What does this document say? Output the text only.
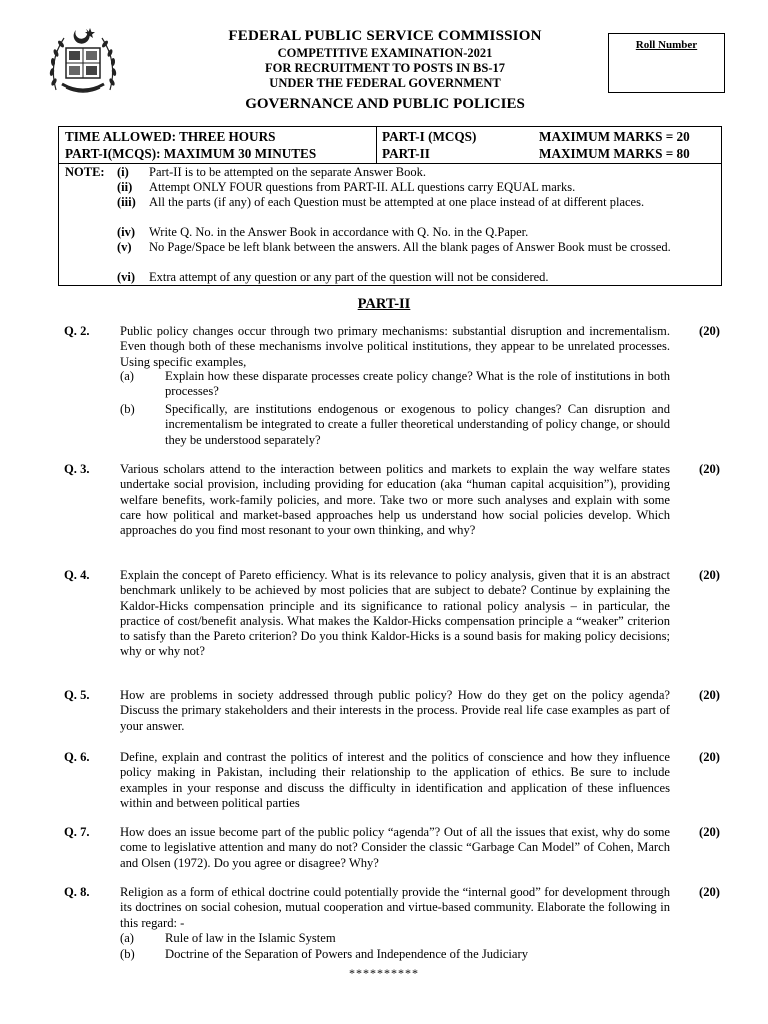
FEDERAL PUBLIC SERVICE COMMISSION
COMPETITIVE EXAMINATION-2021
FOR RECRUITMENT TO POSTS IN BS-17
UNDER THE FEDERAL GOVERNMENT
GOVERNANCE AND PUBLIC POLICIES
Roll Number
TIME ALLOWED: THREE HOURS
PART-I(MCQS): MAXIMUM 30 MINUTES
PART-I (MCQS)
PART-II
MAXIMUM MARKS = 20
MAXIMUM MARKS = 80
NOTE: (i) Part-II is to be attempted on the separate Answer Book.
(ii) Attempt ONLY FOUR questions from PART-II. ALL questions carry EQUAL marks.
(iii) All the parts (if any) of each Question must be attempted at one place instead of at different places.
(iv) Write Q. No. in the Answer Book in accordance with Q. No. in the Q.Paper.
(v) No Page/Space be left blank between the answers. All the blank pages of Answer Book must be crossed.
(vi) Extra attempt of any question or any part of the question will not be considered.
PART-II
Q. 2. Public policy changes occur through two primary mechanisms: substantial disruption and incrementalism. Even though both of these mechanisms involve political institutions, they appear to be unrelated processes. Using specific examples,
(20)
(a) Explain how these disparate processes create policy change? What is the role of institutions in both processes?
(b) Specifically, are institutions endogenous or exogenous to policy changes? Can disruption and incrementalism be integrated to create a fuller theoretical understanding of policy change, or should they be understood separately?
Q. 3. Various scholars attend to the interaction between politics and markets to explain the way welfare states undertake social provision, including providing for education (aka “human capital acquisition”), providing welfare benefits, work-family policies, and more. Take two or more such analyses and explain with some care how political and market-based approaches help us understand how social policies develop. Which approaches do you find most resonant to your own thinking, and why?
(20)
Q. 4. Explain the concept of Pareto efficiency. What is its relevance to policy analysis, given that it is an abstract benchmark unlikely to be achieved by most policies that are subject to debate? Continue by explaining the Kaldor-Hicks compensation principle and its significance to rational policy analysis – in particular, the practice of cost/benefit analysis. What makes the Kaldor-Hicks compensation principle a “weaker” criterion to satisfy than the Pareto criterion? Do you think Kaldor-Hicks is a sound basis for making policy decisions; why or why not?
(20)
Q. 5. How are problems in society addressed through public policy? How do they get on the policy agenda? Discuss the primary stakeholders and their interests in the process. Provide real life case examples as part of your answer.
(20)
Q. 6. Define, explain and contrast the politics of interest and the politics of conscience and how they influence policy making in Pakistan, including their relationship to the application of ethics. Be sure to include examples in your response and discuss the difficulty in identification and application of these influences within and between political parties
(20)
Q. 7. How does an issue become part of the public policy “agenda”? Out of all the issues that exist, why do some come to legislative attention and many do not? Consider the classic “Garbage Can Model” of Cohen, March and Olsen (1972). Do you agree or disagree? Why?
(20)
Q. 8. Religion as a form of ethical doctrine could potentially provide the “internal good” for development through its doctrines on social cohesion, mutual cooperation and virtue-based community. Elaborate the following in this regard: -
(20)
(a) Rule of law in the Islamic System
(b) Doctrine of the Separation of Powers and Independence of the Judiciary
**********
